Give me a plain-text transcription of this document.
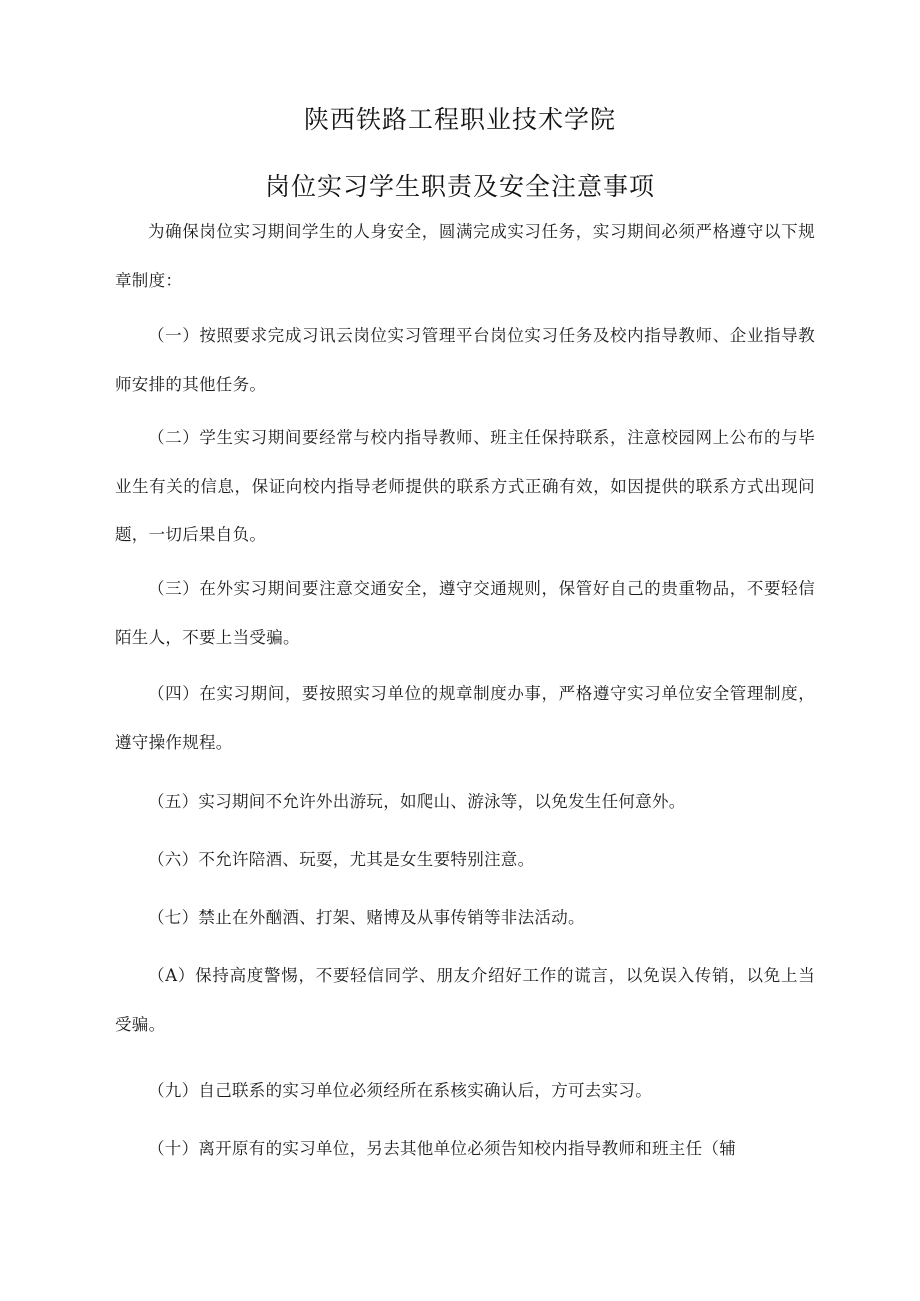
陕西铁路工程职业技术学院
岗位实习学生职责及安全注意事项

为确保岗位实习期间学生的人身安全，圆满完成实习任务，实习期间必须严格遵守以下规章制度：

（一）按照要求完成习讯云岗位实习管理平台岗位实习任务及校内指导教师、企业指导教师安排的其他任务。

（二）学生实习期间要经常与校内指导教师、班主任保持联系，注意校园网上公布的与毕业生有关的信息，保证向校内指导老师提供的联系方式正确有效，如因提供的联系方式出现问题，一切后果自负。

（三）在外实习期间要注意交通安全，遵守交通规则，保管好自己的贵重物品，不要轻信陌生人，不要上当受骗。

（四）在实习期间，要按照实习单位的规章制度办事，严格遵守实习单位安全管理制度，遵守操作规程。

（五）实习期间不允许外出游玩，如爬山、游泳等，以免发生任何意外。

（六）不允许陪酒、玩耍，尤其是女生要特别注意。

（七）禁止在外酗酒、打架、赌博及从事传销等非法活动。

（A）保持高度警惕，不要轻信同学、朋友介绍好工作的谎言，以免误入传销，以免上当受骗。

（九）自己联系的实习单位必须经所在系核实确认后，方可去实习。

（十）离开原有的实习单位，另去其他单位必须告知校内指导教师和班主任（辅
